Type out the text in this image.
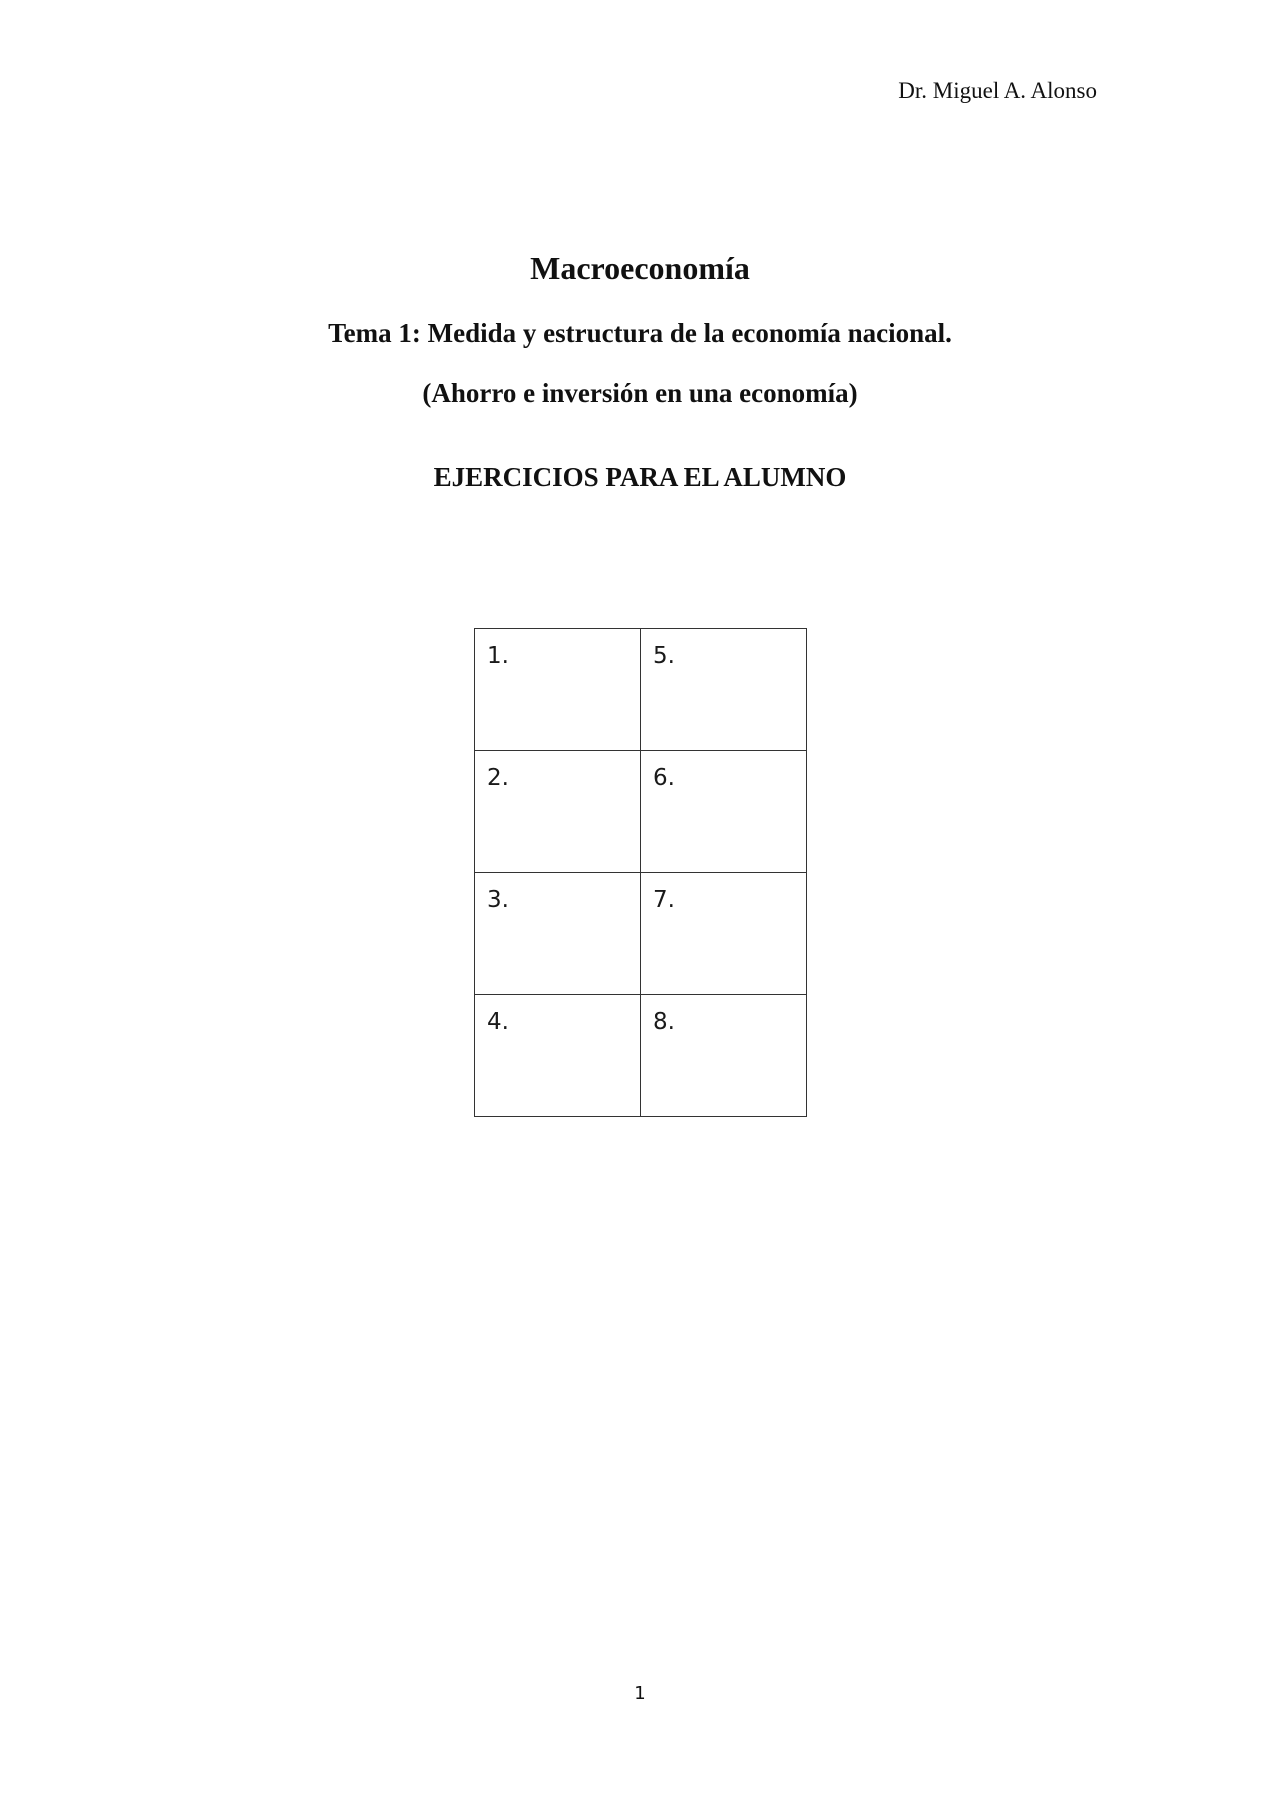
Dr. Miguel A. Alonso
Macroeconomía
Tema 1: Medida y estructura de la economía nacional.
(Ahorro e inversión en una economía)
EJERCICIOS PARA EL ALUMNO
1.	5.
2.	6.
3.	7.
4.	8.
1
